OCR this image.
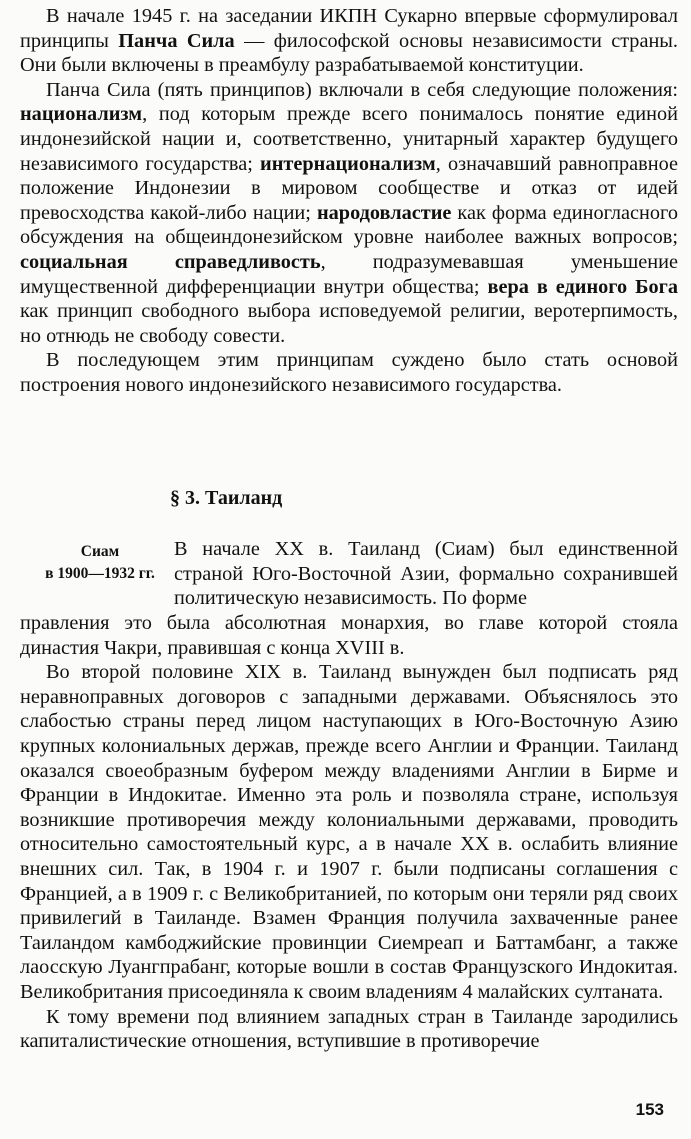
В начале 1945 г. на заседании ИКПН Сукарно впервые сформулировал принципы Панча Сила — философской основы независимости страны. Они были включены в преамбулу разрабатываемой конституции.

Панча Сила (пять принципов) включали в себя следующие положения: национализм, под которым прежде всего понималось понятие единой индонезийской нации и, соответственно, унитарный характер будущего независимого государства; интернационализм, означавший равноправное положение Индонезии в мировом сообществе и отказ от идей превосходства какой-либо нации; народовластие как форма единогласного обсуждения на общеиндонезийском уровне наиболее важных вопросов; социальная справедливость, подразумевавшая уменьшение имущественной дифференциации внутри общества; вера в единого Бога как принцип свободного выбора исповедуемой религии, веротерпимость, но отнюдь не свободу совести.

В последующем этим принципам суждено было стать основой построения нового индонезийского независимого государства.

§ 3. Таиланд
Сиам
в 1900—1932 гг.

В начале XX в. Таиланд (Сиам) был единственной страной Юго-Восточной Азии, формально сохранившей политическую независимость. По форме

правления это была абсолютная монархия, во главе которой стояла династия Чакри, правившая с конца XVIII в.

Во второй половине XIX в. Таиланд вынужден был подписать ряд неравноправных договоров с западными державами. Объяснялось это слабостью страны перед лицом наступающих в Юго-Восточную Азию крупных колониальных держав, прежде всего Англии и Франции. Таиланд оказался своеобразным буфером между владениями Англии в Бирме и Франции в Индокитае. Именно эта роль и позволяла стране, используя возникшие противоречия между колониальными державами, проводить относительно самостоятельный курс, а в начале XX в. ослабить влияние внешних сил. Так, в 1904 г. и 1907 г. были подписаны соглашения с Францией, а в 1909 г. с Великобританией, по которым они теряли ряд своих привилегий в Таиланде. Взамен Франция получила захваченные ранее Таиландом камбоджийские провинции Сиемреап и Баттамбанг, а также лаосскую Луангпрабанг, которые вошли в состав Французского Индокитая. Великобритания присоединяла к своим владениям 4 малайских султаната.

К тому времени под влиянием западных стран в Таиланде зародились капиталистические отношения, вступившие в противоречие

153
